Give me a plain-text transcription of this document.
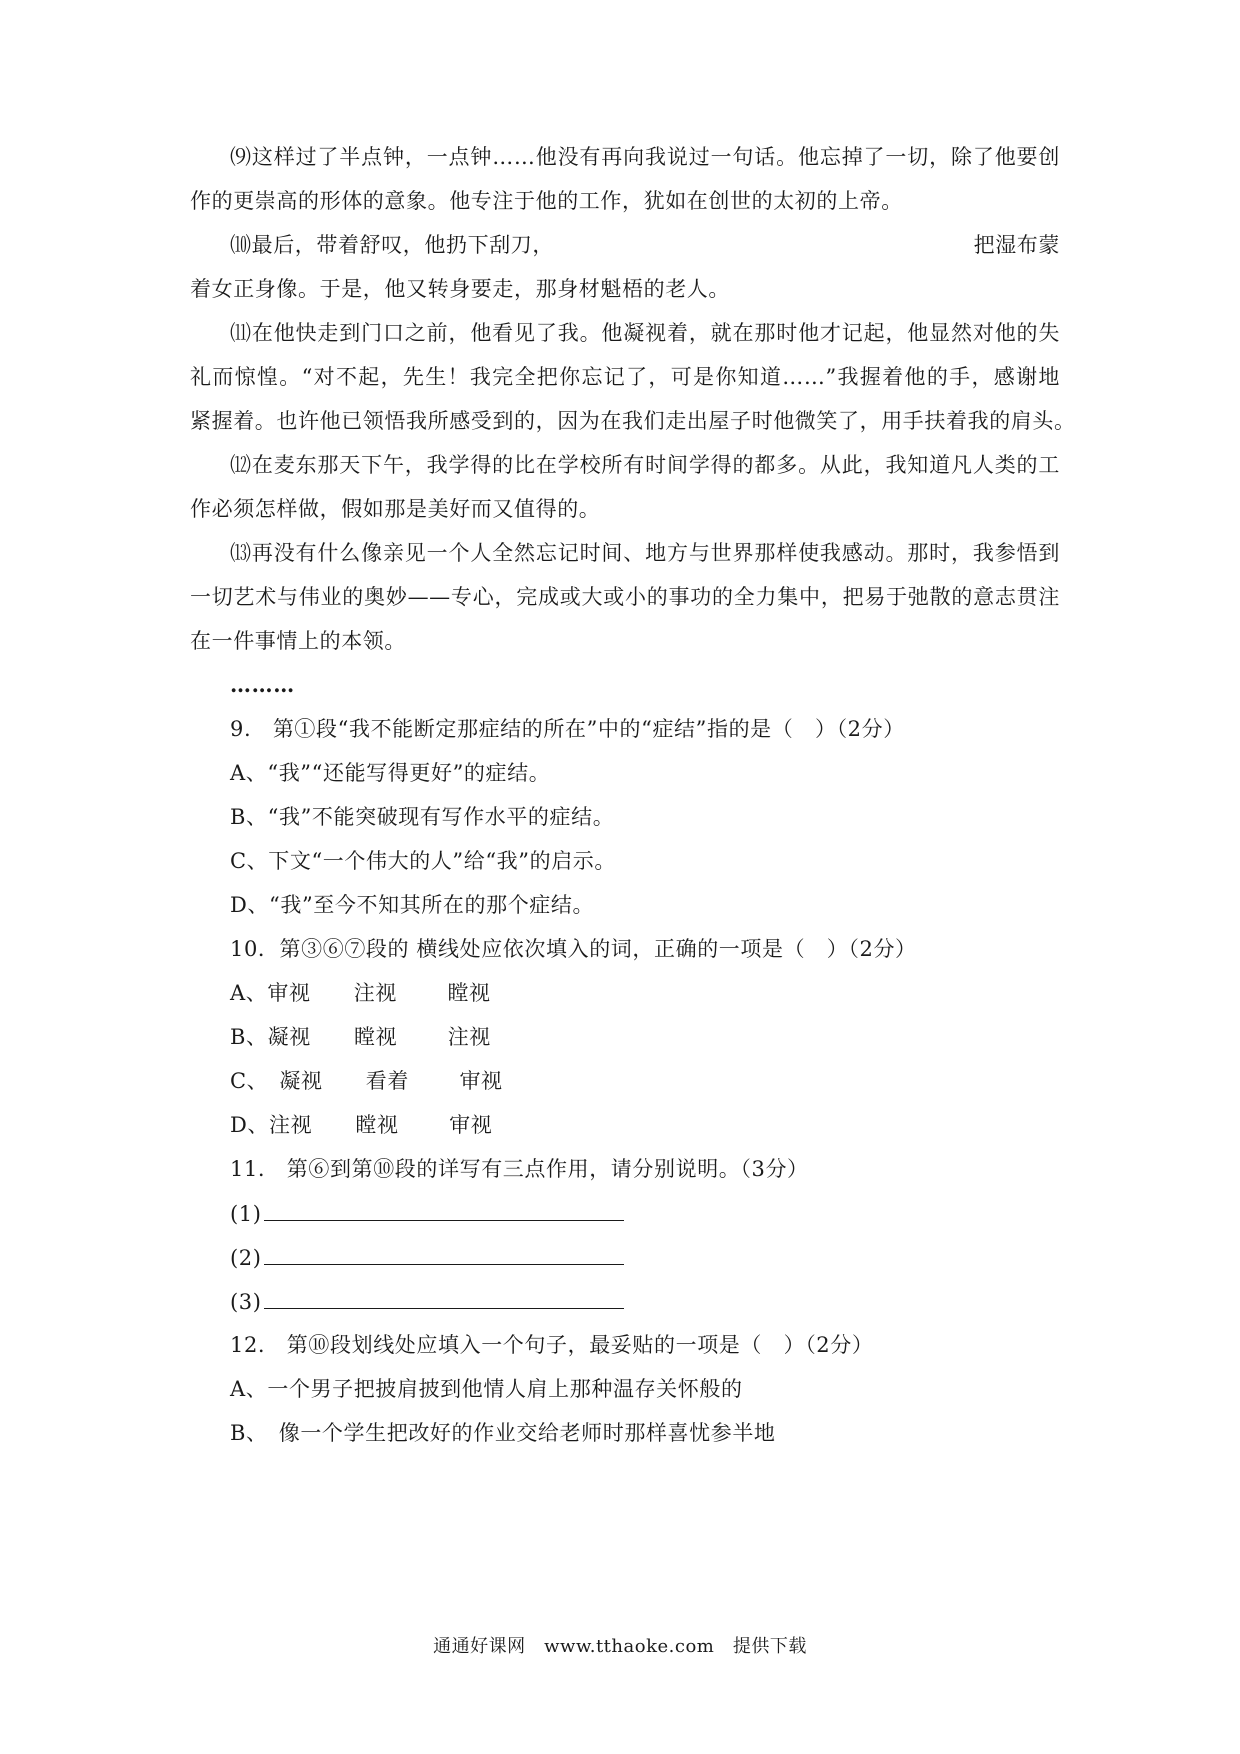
⑼这样过了半点钟，一点钟……他没有再向我说过一句话。他忘掉了一切，除了他要创
作的更崇高的形体的意象。他专注于他的工作，犹如在创世的太初的上帝。
⑽最后，带着舒叹，他扔下刮刀，	把湿布蒙
着女正身像。于是，他又转身要走，那身材魁梧的老人。
⑾在他快走到门口之前，他看见了我。他凝视着，就在那时他才记起，他显然对他的失
礼而惊惶。“对不起，先生！我完全把你忘记了，可是你知道……”我握着他的手，感谢地
紧握着。也许他已领悟我所感受到的，因为在我们走出屋子时他微笑了，用手扶着我的肩头。
⑿在麦东那天下午，我学得的比在学校所有时间学得的都多。从此，我知道凡人类的工
作必须怎样做，假如那是美好而又值得的。
⒀再没有什么像亲见一个人全然忘记时间、地方与世界那样使我感动。那时，我参悟到
一切艺术与伟业的奥妙——专心，完成或大或小的事功的全力集中，把易于弛散的意志贯注
在一件事情上的本领。
………
9.　第①段“我不能断定那症结的所在”中的“症结”指的是（　）（2分）
A、“我”“还能写得更好”的症结。
B、“我”不能突破现有写作水平的症结。
C、下文“一个伟大的人”给“我”的启示。
D、“我”至今不知其所在的那个症结。
10．第③⑥⑦段的 横线处应依次填入的词，正确的一项是（　）（2分）
A、审视　　注视　　 瞠视
B、凝视　　瞠视　　 注视
C、　凝视　　看着　　 审视
D、注视　　瞠视　　 审视
11.　第⑥到第⑩段的详写有三点作用，请分别说明。（3分）
(1)
(2)
(3)
12.　第⑩段划线处应填入一个句子，最妥贴的一项是（　）（2分）
A、一个男子把披肩披到他情人肩上那种温存关怀般的
B、　像一个学生把改好的作业交给老师时那样喜忧参半地
通通好课网　www.tthaoke.com　提供下载
